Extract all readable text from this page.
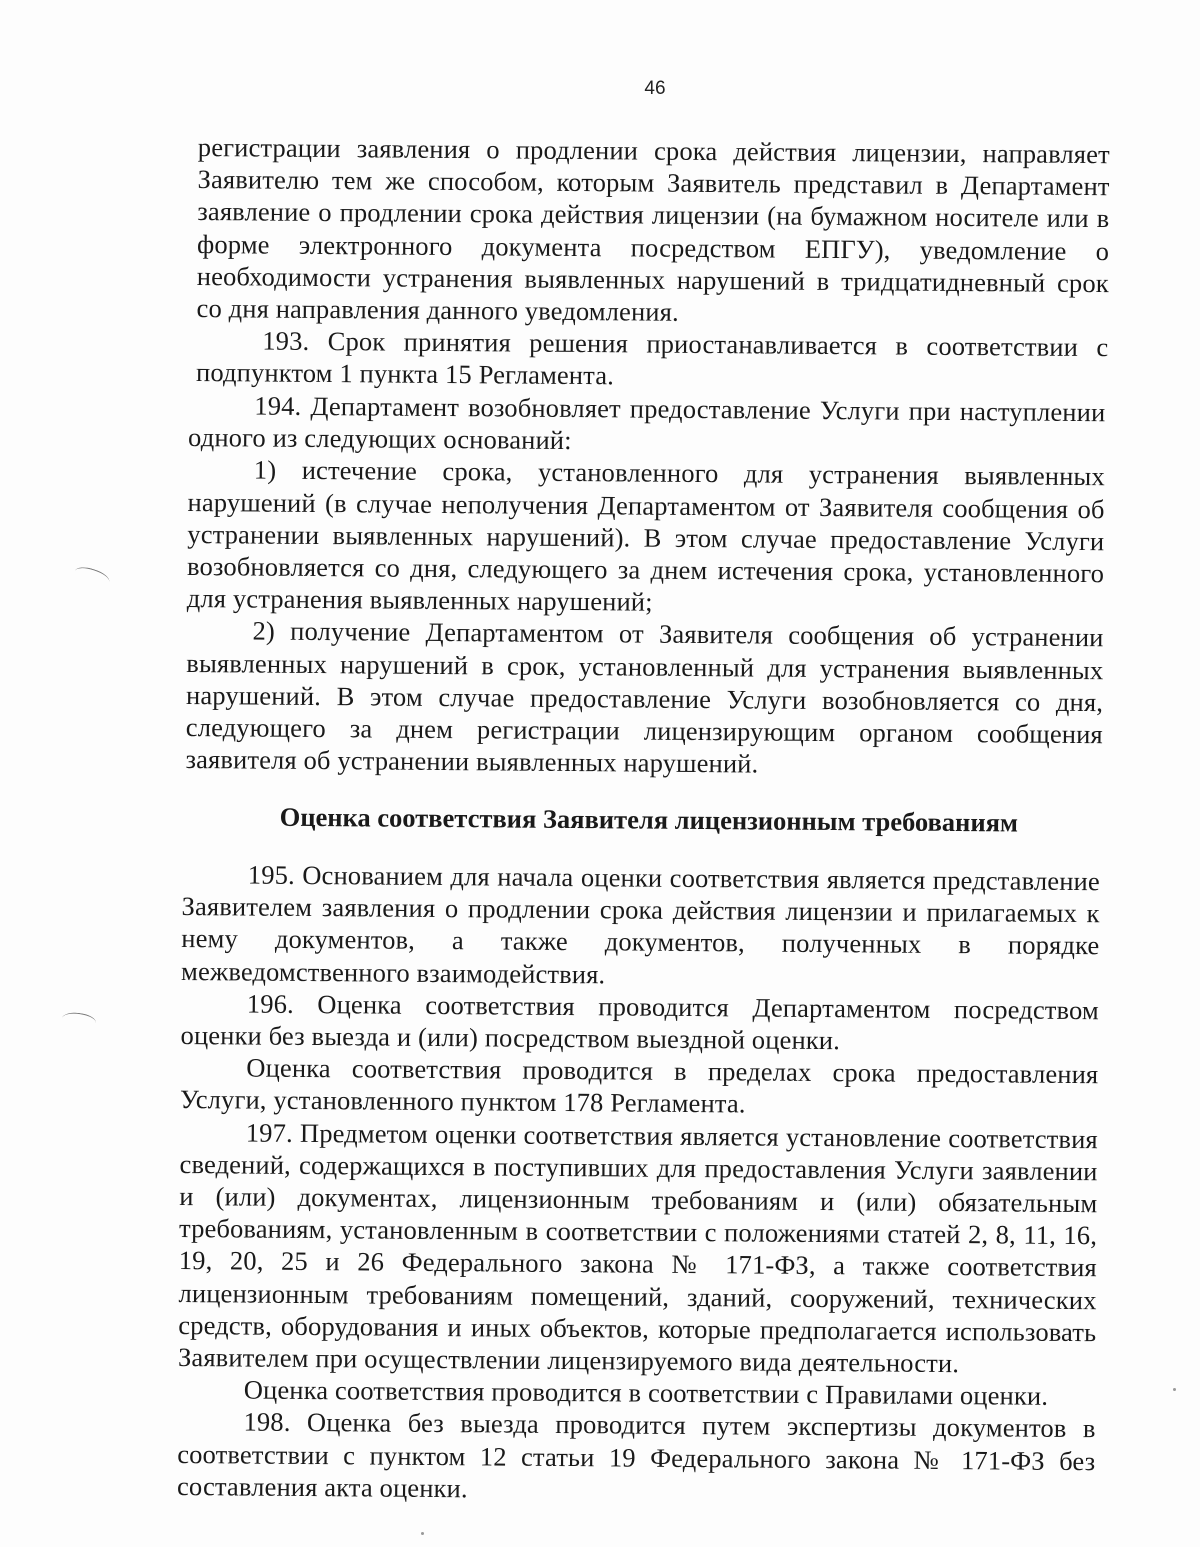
46

регистрации заявления о продлении срока действия лицензии, направляет Заявителю тем же способом, которым Заявитель представил в Департамент заявление о продлении срока действия лицензии (на бумажном носителе или в форме электронного документа посредством ЕПГУ), уведомление о необходимости устранения выявленных нарушений в тридцатидневный срок со дня направления данного уведомления.

193. Срок принятия решения приостанавливается в соответствии с подпунктом 1 пункта 15 Регламента.

194. Департамент возобновляет предоставление Услуги при наступлении одного из следующих оснований:

1) истечение срока, установленного для устранения выявленных нарушений (в случае неполучения Департаментом от Заявителя сообщения об устранении выявленных нарушений). В этом случае предоставление Услуги возобновляется со дня, следующего за днем истечения срока, установленного для устранения выявленных нарушений;

2) получение Департаментом от Заявителя сообщения об устранении выявленных нарушений в срок, установленный для устранения выявленных нарушений. В этом случае предоставление Услуги возобновляется со дня, следующего за днем регистрации лицензирующим органом сообщения заявителя об устранении выявленных нарушений.

Оценка соответствия Заявителя лицензионным требованиям

195. Основанием для начала оценки соответствия является представление Заявителем заявления о продлении срока действия лицензии и прилагаемых к нему документов, а также документов, полученных в порядке межведомственного взаимодействия.

196. Оценка соответствия проводится Департаментом посредством оценки без выезда и (или) посредством выездной оценки.

Оценка соответствия проводится в пределах срока предоставления Услуги, установленного пунктом 178 Регламента.

197. Предметом оценки соответствия является установление соответствия сведений, содержащихся в поступивших для предоставления Услуги заявлении и (или) документах, лицензионным требованиям и (или) обязательным требованиям, установленным в соответствии с положениями статей 2, 8, 11, 16, 19, 20, 25 и 26 Федерального закона № 171-ФЗ, а также соответствия лицензионным требованиям помещений, зданий, сооружений, технических средств, оборудования и иных объектов, которые предполагается использовать Заявителем при осуществлении лицензируемого вида деятельности.

Оценка соответствия проводится в соответствии с Правилами оценки.

198. Оценка без выезда проводится путем экспертизы документов в соответствии с пунктом 12 статьи 19 Федерального закона № 171-ФЗ без составления акта оценки.
